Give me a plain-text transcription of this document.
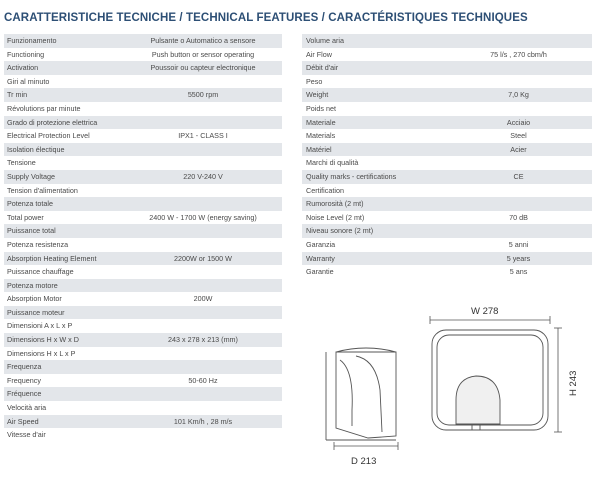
CARATTERISTICHE TECNICHE / TECHNICAL FEATURES / CARACTÉRISTIQUES TECHNIQUES
Funzionamento	Pulsante o Automatico a sensore
Functioning	Push button or sensor operating
Activation	Poussoir ou capteur electronique
Giri al minuto
Tr min	5500 rpm
Révolutions par minute
Grado di protezione elettrica
Electrical Protection Level	IPX1 - CLASS I
Isolation électique
Tensione
Supply Voltage	220 V-240 V
Tension d'alimentation
Potenza totale
Total power	2400 W - 1700 W (energy saving)
Puissance total
Potenza resistenza
Absorption Heating Element	2200W or 1500 W
Puissance chauffage
Potenza motore
Absorption Motor	200W
Puissance moteur
Dimensioni A x L x P
Dimensions H x W x D	243 x 278 x 213 (mm)
Dimensions H x L x P
Frequenza
Frequency	50-60 Hz
Fréquence
Velocità aria
Air Speed	101 Km/h , 28 m/s
Vitesse d'air
Volume aria
Air Flow	75 l/s , 270 cbm/h
Débit d'air
Peso
Weight	7,0 Kg
Poids net
Materiale	Acciaio
Materials	Steel
Matériel	Acier
Marchi di qualità
Quality marks - certifications	CE
Certification
Rumorosità (2 mt)
Noise Level (2 mt)	70 dB
Niveau sonore (2 mt)
Garanzia	5 anni
Warranty	5 years
Garantie	5 ans
D 213
W 278
H 243
